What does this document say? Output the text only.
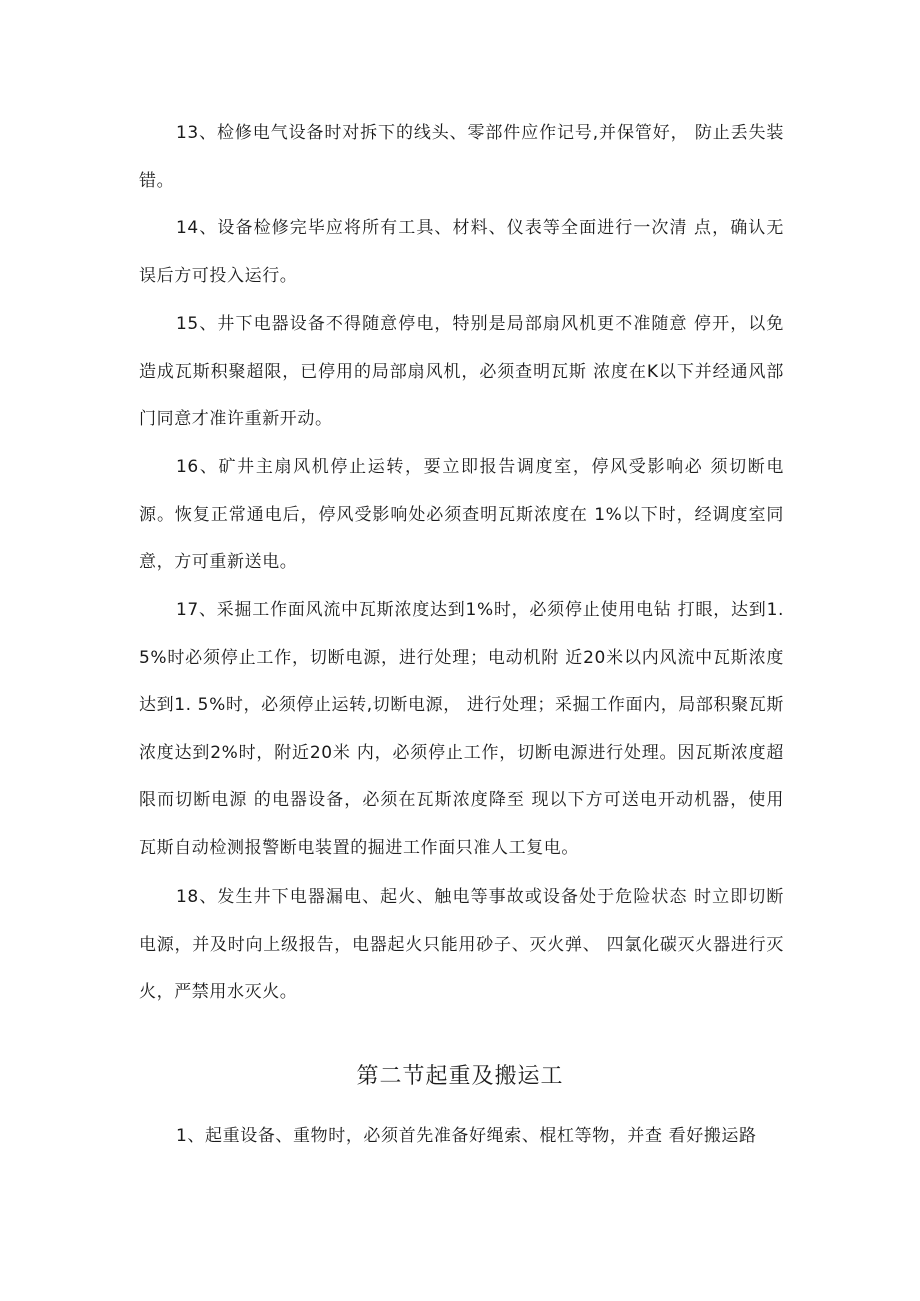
13、检修电气设备时对拆下的线头、零部件应作记号,并保管好， 防止丢失装错。

14、设备检修完毕应将所有工具、材料、仪表等全面进行一次清 点，确认无误后方可投入运行。

15、井下电器设备不得随意停电，特别是局部扇风机更不准随意 停开，以免造成瓦斯积聚超限，已停用的局部扇风机，必须查明瓦斯 浓度在K以下并经通风部门同意才准许重新开动。

16、矿井主扇风机停止运转，要立即报告调度室，停风受影响必 须切断电源。恢复正常通电后，停风受影响处必须查明瓦斯浓度在 1%以下时，经调度室同意，方可重新送电。

17、采掘工作面风流中瓦斯浓度达到1%时，必须停止使用电钻 打眼，达到1.5%时必须停止工作，切断电源，进行处理；电动机附 近20米以内风流中瓦斯浓度达到1. 5%时，必须停止运转,切断电源， 进行处理；采掘工作面内，局部积聚瓦斯浓度达到2%时，附近20米 内，必须停止工作，切断电源进行处理。因瓦斯浓度超限而切断电源 的电器设备，必须在瓦斯浓度降至 现以下方可送电开动机器，使用 瓦斯自动检测报警断电装置的掘进工作面只准人工复电。

18、发生井下电器漏电、起火、触电等事故或设备处于危险状态 时立即切断电源，并及时向上级报告，电器起火只能用砂子、灭火弹、 四氯化碳灭火器进行灭火，严禁用水灭火。

第二节起重及搬运工

1、起重设备、重物时，必须首先准备好绳索、棍杠等物，并查 看好搬运路
